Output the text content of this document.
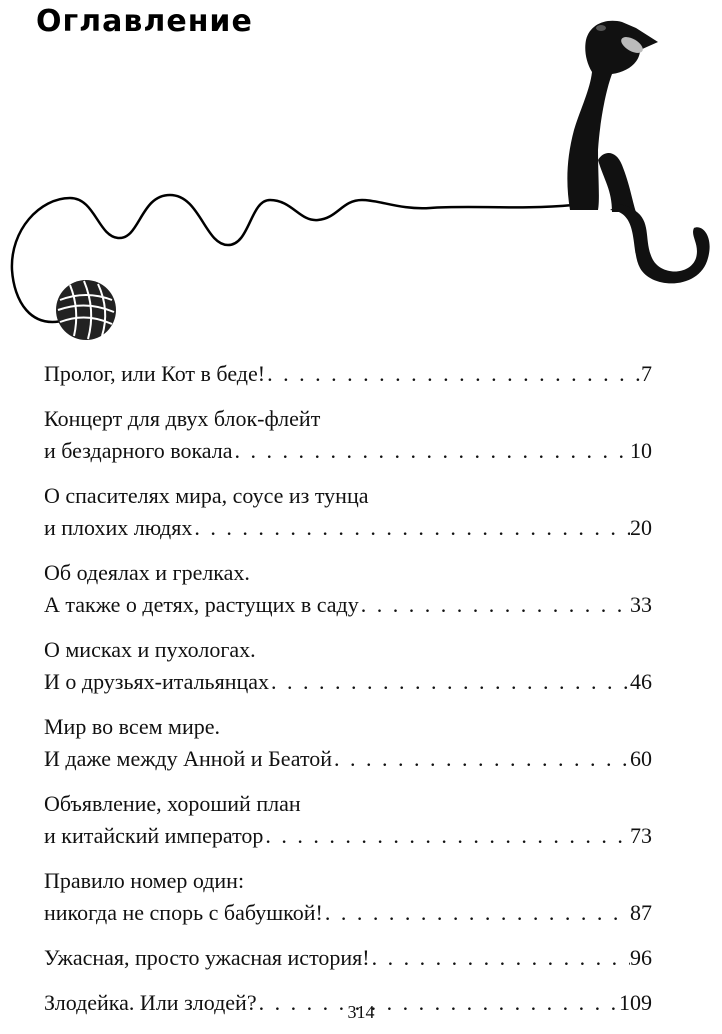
Оглавление
Пролог, или Кот в беде! . . .	7
Концерт для двух блок-флейт
и бездарного вокала . . .	10
О спасителях мира, соусе из тунца
и плохих людях . . .	20
Об одеялах и грелках.
А также о детях, растущих в саду . . .	33
О мисках и пухологах.
И о друзьях-итальянцах . . .	46
Мир во всем мире.
И даже между Анной и Беатой . . .	60
Объявление, хороший план
и китайский император . . .	73
Правило номер один:
никогда не спорь с бабушкой! . . .	87
Ужасная, просто ужасная история! . . .	96
Злодейка. Или злодей? . . .	109
314
